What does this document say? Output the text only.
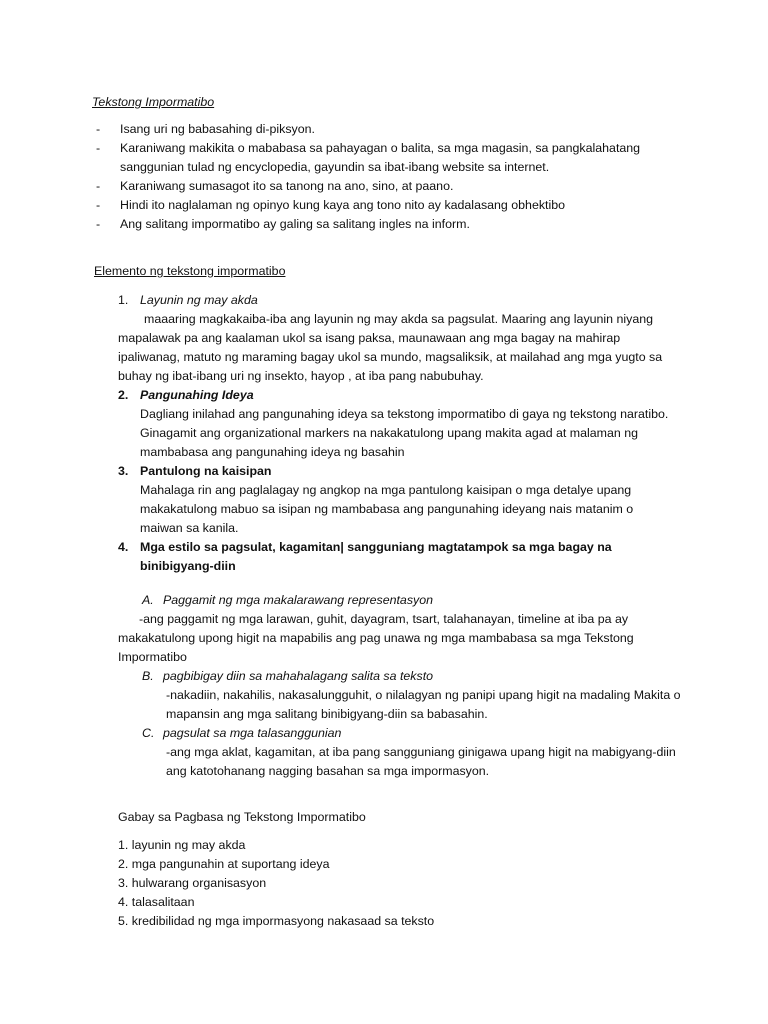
Tekstong Impormatibo
- Isang uri ng babasahing di-piksyon.
- Karaniwang makikita o mababasa sa pahayagan o balita, sa mga magasin, sa pangkalahatang sanggunian tulad ng encyclopedia, gayundin sa ibat-ibang website sa internet.
- Karaniwang sumasagot ito sa tanong na ano, sino, at paano.
- Hindi ito naglalaman ng opinyo kung kaya ang tono nito ay kadalasang obhektibo
- Ang salitang impormatibo ay galing sa salitang ingles na inform.
Elemento ng tekstong impormatibo
1. Layunin ng may akda
maaaring magkakaiba-iba ang layunin ng may akda sa pagsulat. Maaring ang layunin niyang mapalawak pa ang kaalaman ukol sa isang paksa, maunawaan ang mga bagay na mahirap ipaliwanag, matuto ng maraming bagay ukol sa mundo, magsaliksik, at mailahad ang mga yugto sa buhay ng ibat-ibang uri ng insekto, hayop , at iba pang nabubuhay.
2. Pangunahing Ideya
Dagliang inilahad ang pangunahing ideya sa tekstong impormatibo di gaya ng tekstong naratibo. Ginagamit ang organizational markers na nakakatulong upang makita agad at malaman ng mambabasa ang pangunahing ideya ng basahin
3. Pantulong na kaisipan
Mahalaga rin ang paglalagay ng angkop na mga pantulong kaisipan o mga detalye upang makakatulong mabuo sa isipan ng mambabasa ang pangunahing ideyang nais matanim o maiwan sa kanila.
4. Mga estilo sa pagsulat, kagamitan| sangguniang magtatampok sa mga bagay na binibigyang-diin
A. Paggamit ng mga makalarawang representasyon
-ang paggamit ng mga larawan, guhit, dayagram, tsart, talahanayan, timeline at iba pa ay
makakatulong upong higit na mapabilis ang pag unawa ng mga mambabasa sa mga Tekstong Impormatibo
B. pagbibigay diin sa mahahalagang salita sa teksto
-nakadiin, nakahilis, nakasalungguhit, o nilalagyan ng panipi upang higit na madaling Makita o mapansin ang mga salitang binibigyang-diin sa babasahin.
C. pagsulat sa mga talasanggunian
-ang mga aklat, kagamitan, at iba pang sangguniang ginigawa upang higit na mabigyang-diin ang katotohanang nagging basahan sa mga impormasyon.
Gabay sa Pagbasa ng Tekstong Impormatibo
1. layunin ng may akda
2. mga pangunahin at suportang ideya
3. hulwarang organisasyon
4. talasalitaan
5. kredibilidad ng mga impormasyong nakasaad sa teksto
